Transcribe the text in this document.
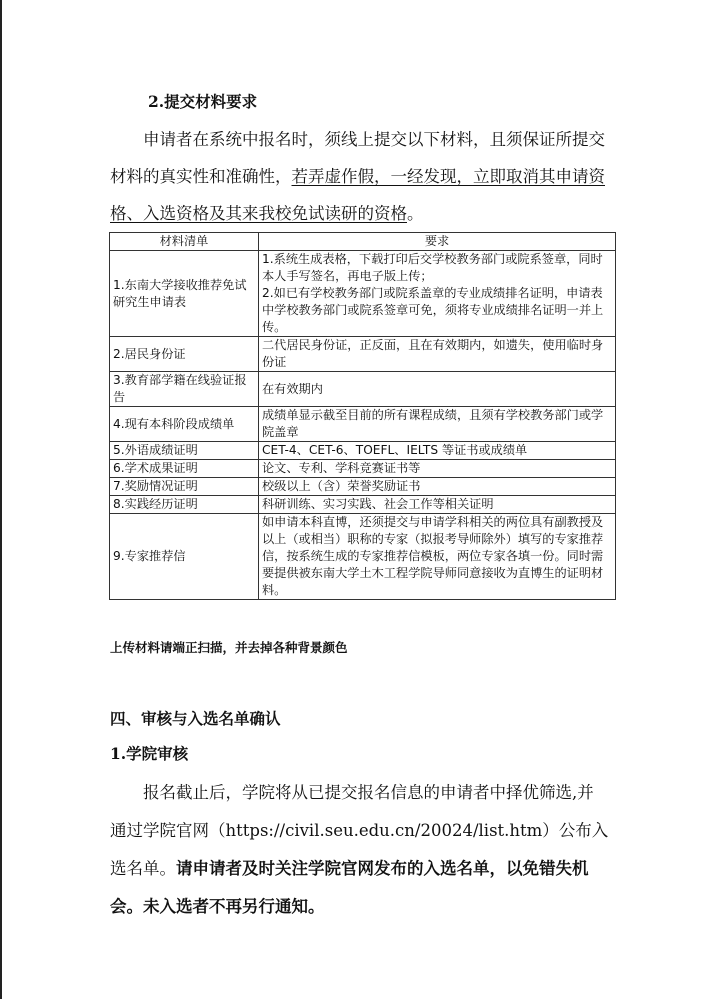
2.提交材料要求
申请者在系统中报名时，须线上提交以下材料，且须保证所提交材料的真实性和准确性，若弄虚作假，一经发现，立即取消其申请资格、入选资格及其来我校免试读研的资格。
材料清单	要求
1.东南大学接收推荐免试研究生申请表	1.系统生成表格，下载打印后交学校教务部门或院系签章，同时本人手写签名，再电子版上传；
2.如已有学校教务部门或院系盖章的专业成绩排名证明，申请表中学校教务部门或院系签章可免，须将专业成绩排名证明一并上传。

2.居民身份证	二代居民身份证，正反面，且在有效期内，如遗失，使用临时身份证
3.教育部学籍在线验证报告	在有效期内
4.现有本科阶段成绩单	成绩单显示截至目前的所有课程成绩，且须有学校教务部门或学院盖章
5.外语成绩证明	CET-4、CET-6、TOEFL、IELTS 等证书或成绩单
6.学术成果证明	论文、专利、学科竞赛证书等
7.奖励情况证明	校级以上（含）荣誉奖励证书
8.实践经历证明	科研训练、实习实践、社会工作等相关证明
9.专家推荐信	如申请本科直博，还须提交与申请学科相关的两位具有副教授及以上（或相当）职称的专家（拟报考导师除外）填写的专家推荐信，按系统生成的专家推荐信模板，两位专家各填一份。同时需要提供被东南大学土木工程学院导师同意接收为直博生的证明材料。
上传材料请端正扫描，并去掉各种背景颜色
四、审核与入选名单确认
1.学院审核
报名截止后，学院将从已提交报名信息的申请者中择优筛选,并通过学院官网（https://civil.seu.edu.cn/20024/list.htm）公布入选名单。请申请者及时关注学院官网发布的入选名单，以免错失机会。未入选者不再另行通知。
